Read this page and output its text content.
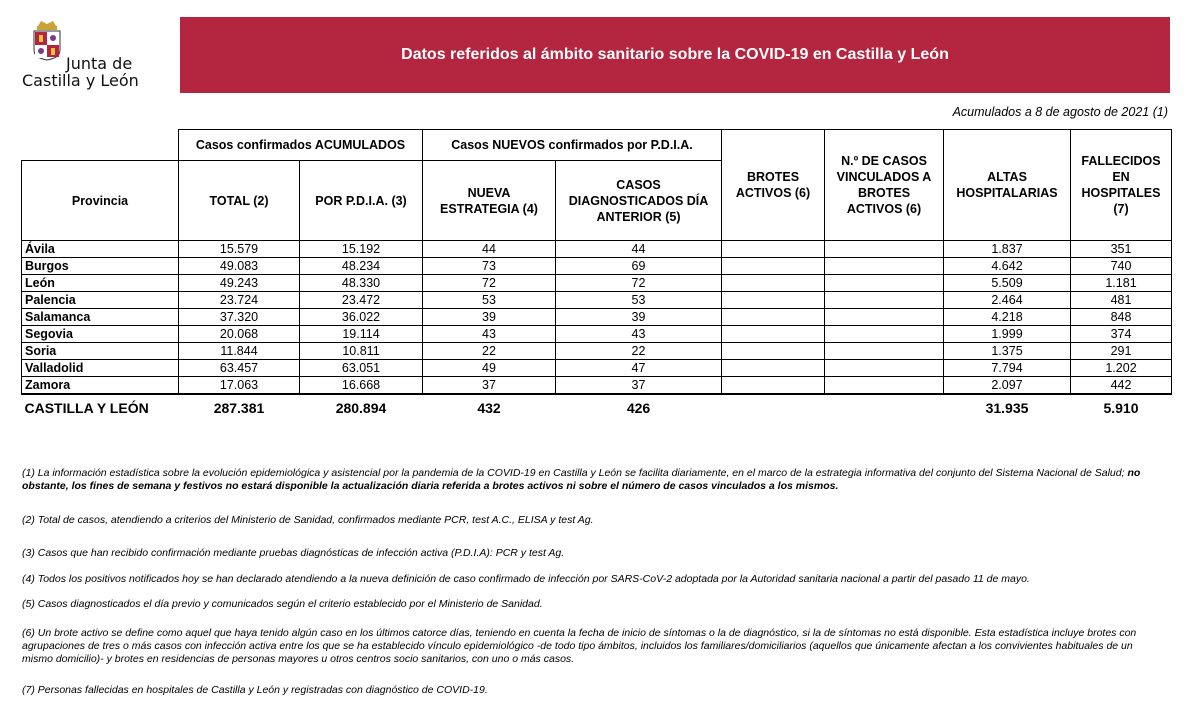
Junta de
Castilla y León
Datos referidos al ámbito sanitario sobre la COVID-19 en Castilla y León
Acumulados a 8 de agosto de 2021 (1)
	Casos confirmados ACUMULADOS		Casos NUEVOS confirmados por P.D.I.A.		BROTES ACTIVOS (6)	N.º DE CASOS VINCULADOS A BROTES ACTIVOS (6)	ALTAS HOSPITALARIAS	FALLECIDOS EN HOSPITALES (7)
Provincia	TOTAL (2)	POR P.D.I.A. (3)	NUEVA ESTRATEGIA (4)	CASOS DIAGNOSTICADOS DÍA ANTERIOR (5)				
Ávila	15.579	15.192	44	44			1.837	351
Burgos	49.083	48.234	73	69			4.642	740
León	49.243	48.330	72	72			5.509	1.181
Palencia	23.724	23.472	53	53			2.464	481
Salamanca	37.320	36.022	39	39			4.218	848
Segovia	20.068	19.114	43	43			1.999	374
Soria	11.844	10.811	22	22			1.375	291
Valladolid	63.457	63.051	49	47			7.794	1.202
Zamora	17.063	16.668	37	37			2.097	442
CASTILLA Y LEÓN	287.381	280.894	432	426			31.935	5.910
(1) La información estadística sobre la evolución epidemiológica y asistencial por la pandemia de la COVID-19 en Castilla y León se facilita diariamente, en el marco de la estrategia informativa del conjunto del Sistema Nacional de Salud; no obstante, los fines de semana y festivos no estará disponible la actualización diaria referida a brotes activos ni sobre el número de casos vinculados a los mismos.
(2) Total de casos, atendiendo a criterios del Ministerio de Sanidad, confirmados mediante PCR, test A.C., ELISA y test Ag.
(3) Casos que han recibido confirmación mediante pruebas diagnósticas de infección activa (P.D.I.A): PCR y test Ag.
(4) Todos los positivos notificados hoy se han declarado atendiendo a la nueva definición de caso confirmado de infección por SARS-CoV-2 adoptada por la Autoridad sanitaria nacional a partir del pasado 11 de mayo.
(5) Casos diagnosticados el día previo y comunicados según el criterio establecido por el Ministerio de Sanidad.
(6) Un brote activo se define como aquel que haya tenido algún caso en los últimos catorce días, teniendo en cuenta la fecha de inicio de síntomas o la de diagnóstico, si la de síntomas no está disponible. Esta estadística incluye brotes con agrupaciones de tres o más casos con infección activa entre los que se ha establecido vínculo epidemiológico -de todo tipo ámbitos, incluidos los familiares/domiciliarios (aquellos que únicamente afectan a los convivientes habituales de un mismo domicilio)- y brotes en residencias de personas mayores u otros centros socio sanitarios, con uno o más casos.
(7) Personas fallecidas en hospitales de Castilla y León y registradas con diagnóstico de COVID-19.
